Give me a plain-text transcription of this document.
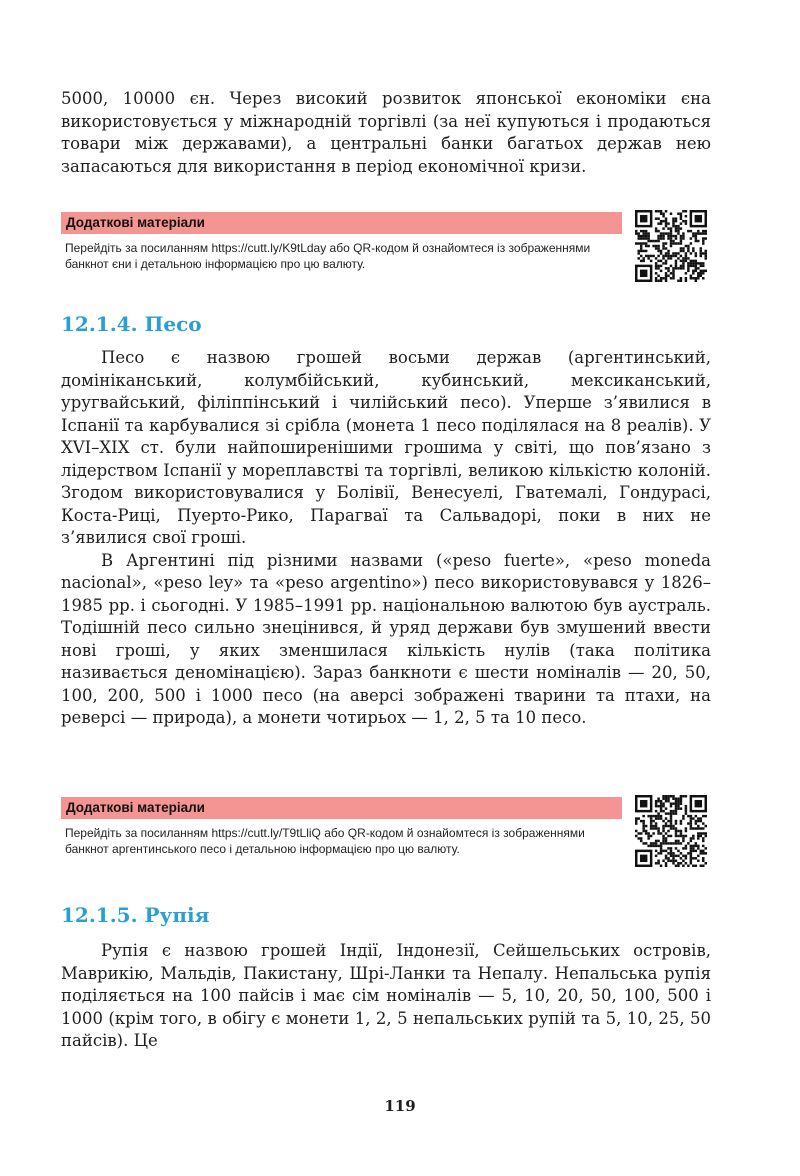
5000, 10000 єн. Через високий розвиток японської економіки єна використовується у міжнародній торгівлі (за неї купуються і продаються товари між державами), а центральні банки багатьох держав нею запасаються для використання в період економічної кризи.

Додаткові матеріали

Перейдіть за посиланням https://cutt.ly/K9tLday або QR-кодом й ознайомтеся із зображеннями банкнот єни і детальною інформацією про цю валюту.

12.1.4. Песо

Песо є назвою грошей восьми держав (аргентинський, домініканський, колумбійський, кубинський, мексиканський, уругвайський, філіппінський і чилійський песо). Уперше з’явилися в Іспанії та карбувалися зі срібла (монета 1 песо поділялася на 8 реалів). У XVI–XIX ст. були найпоширенішими грошима у світі, що пов’язано з лідерством Іспанії у мореплавстві та торгівлі, великою кількістю колоній. Згодом використовувалися у Болівії, Венесуелі, Гватемалі, Гондурасі, Коста-Риці, Пуерто-Рико, Парагваї та Сальвадорі, поки в них не з’явилися свої гроші.

В Аргентині під різними назвами («peso fuerte», «peso moneda nacional», «peso ley» та «peso argentino») песо використовувався у 1826–1985 рр. і сьогодні. У 1985–1991 рр. національною валютою був аустраль. Тодішній песо сильно знецінився, й уряд держави був змушений ввести нові гроші, у яких зменшилася кількість нулів (така політика називається деномінацією). Зараз банкноти є шести номіналів — 20, 50, 100, 200, 500 і 1000 песо (на аверсі зображені тварини та птахи, на реверсі — природа), а монети чотирьох — 1, 2, 5 та 10 песо.

Додаткові матеріали

Перейдіть за посиланням https://cutt.ly/T9tLliQ або QR-кодом й ознайомтеся із зображеннями банкнот аргентинського песо і детальною інформацією про цю валюту.

12.1.5. Рупія

Рупія є назвою грошей Індії, Індонезії, Сейшельських островів, Маврикію, Мальдів, Пакистану, Шрі-Ланки та Непалу. Непальська рупія поділяється на 100 пайсів і має сім номіналів — 5, 10, 20, 50, 100, 500 і 1000 (крім того, в обігу є монети 1, 2, 5 непальських рупій та 5, 10, 25, 50 пайсів). Це

119
